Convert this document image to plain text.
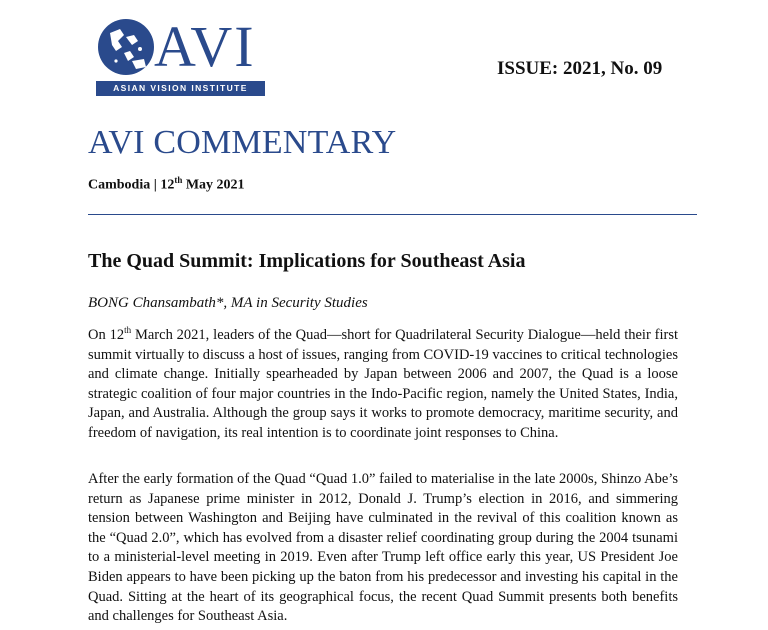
AVI
ASIAN VISION INSTITUTE
ISSUE: 2021, No. 09
AVI COMMENTARY
Cambodia | 12th May 2021
The Quad Summit: Implications for Southeast Asia
BONG Chansambath*, MA in Security Studies
On 12th March 2021, leaders of the Quad—short for Quadrilateral Security Dialogue—held their first summit virtually to discuss a host of issues, ranging from COVID-19 vaccines to critical technologies and climate change. Initially spearheaded by Japan between 2006 and 2007, the Quad is a loose strategic coalition of four major countries in the Indo-Pacific region, namely the United States, India, Japan, and Australia. Although the group says it works to promote democracy, maritime security, and freedom of navigation, its real intention is to coordinate joint responses to China.
After the early formation of the Quad “Quad 1.0” failed to materialise in the late 2000s, Shinzo Abe’s return as Japanese prime minister in 2012, Donald J. Trump’s election in 2016, and simmering tension between Washington and Beijing have culminated in the revival of this coalition known as the “Quad 2.0”, which has evolved from a disaster relief coordinating group during the 2004 tsunami to a ministerial-level meeting in 2019. Even after Trump left office early this year, US President Joe Biden appears to have been picking up the baton from his predecessor and investing his capital in the Quad. Sitting at the heart of its geographical focus, the recent Quad Summit presents both benefits and challenges for Southeast Asia.
